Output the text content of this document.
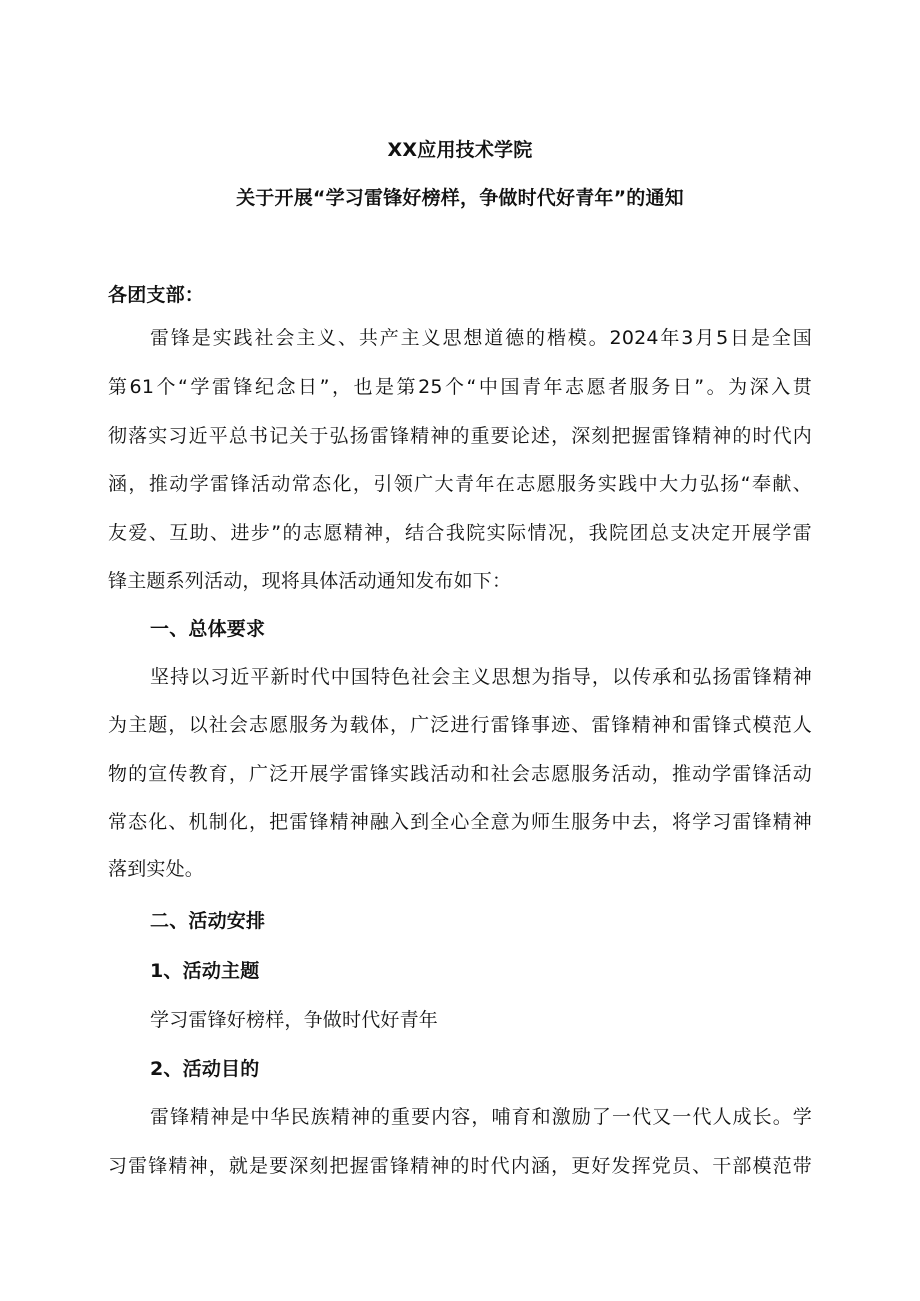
XX应用技术学院
关于开展“学习雷锋好榜样，争做时代好青年”的通知
各团支部：
雷锋是实践社会主义、共产主义思想道德的楷模。2024年3月5日是全国
第61个“学雷锋纪念日”，也是第25个“中国青年志愿者服务日”。为深入贯
彻落实习近平总书记关于弘扬雷锋精神的重要论述，深刻把握雷锋精神的时代内
涵，推动学雷锋活动常态化，引领广大青年在志愿服务实践中大力弘扬“奉献、
友爱、互助、进步”的志愿精神，结合我院实际情况，我院团总支决定开展学雷
锋主题系列活动，现将具体活动通知发布如下：
一、总体要求
坚持以习近平新时代中国特色社会主义思想为指导，以传承和弘扬雷锋精神
为主题，以社会志愿服务为载体，广泛进行雷锋事迹、雷锋精神和雷锋式模范人
物的宣传教育，广泛开展学雷锋实践活动和社会志愿服务活动，推动学雷锋活动
常态化、机制化，把雷锋精神融入到全心全意为师生服务中去，将学习雷锋精神
落到实处。
二、活动安排
1、活动主题
学习雷锋好榜样，争做时代好青年
2、活动目的
雷锋精神是中华民族精神的重要内容，哺育和激励了一代又一代人成长。学
习雷锋精神，就是要深刻把握雷锋精神的时代内涵，更好发挥党员、干部模范带
